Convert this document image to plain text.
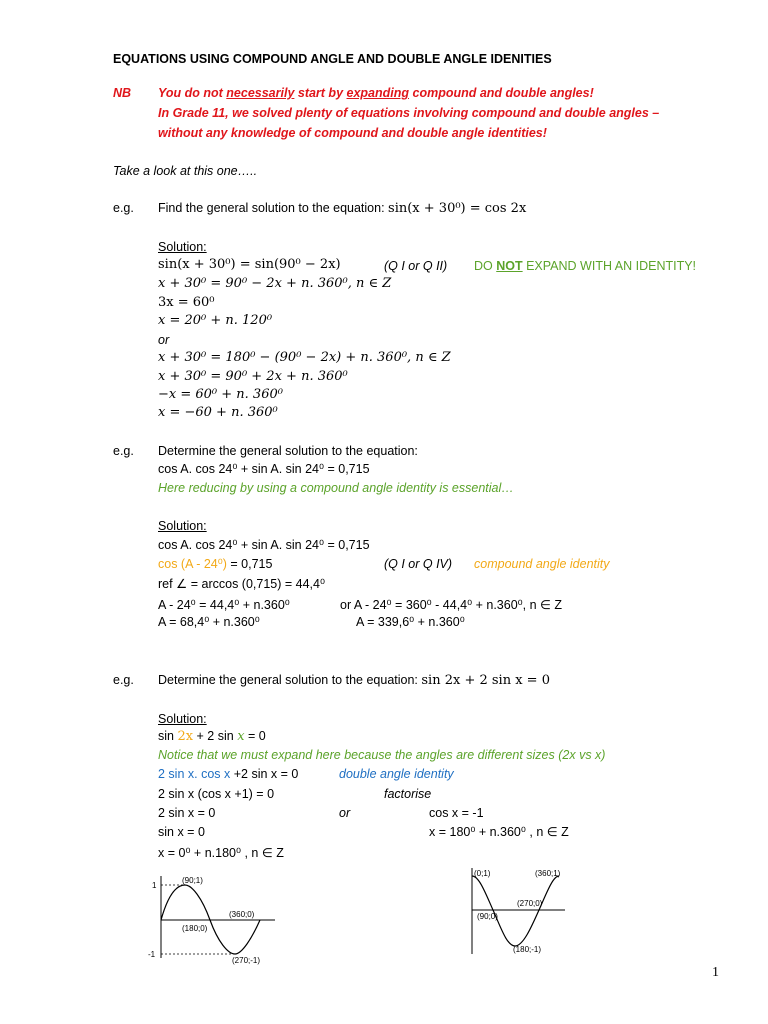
EQUATIONS USING COMPOUND ANGLE AND DOUBLE ANGLE IDENITIES
NB You do not necessarily start by expanding compound and double angles!
In Grade 11, we solved plenty of equations involving compound and double angles –
without any knowledge of compound and double angle identities!
Take a look at this one…..
e.g. Find the general solution to the equation: sin(x + 30⁰) = cos 2x
Solution:
sin(x + 30⁰) = sin(90⁰ − 2x)	(Q I or Q II) DO NOT EXPAND WITH AN IDENTITY!
x + 30⁰ = 90⁰ − 2x + n. 360⁰, n ∈ Z
3x = 60⁰
x = 20⁰ + n. 120⁰
or
x + 30⁰ = 180⁰ − (90⁰ − 2x) + n. 360⁰, n ∈ Z
x + 30⁰ = 90⁰ + 2x + n. 360⁰
−x = 60⁰ + n. 360⁰
x = −60 + n. 360⁰
e.g. Determine the general solution to the equation:
cos A. cos 24⁰ + sin A. sin 24⁰ = 0,715
Here reducing by using a compound angle identity is essential…
Solution:
cos A. cos 24⁰ + sin A. sin 24⁰ = 0,715
cos (A - 24⁰) = 0,715	(Q I or Q IV) compound angle identity
ref ∠ = arccos (0,715) = 44,4⁰
A - 24⁰ = 44,4⁰ + n.360⁰	or A - 24⁰ = 360⁰ - 44,4⁰ + n.360⁰, n ∈ Z
A = 68,4⁰ + n.360⁰	A = 339,6⁰ + n.360⁰
e.g. Determine the general solution to the equation: sin 2x + 2 sin x = 0
Solution:
sin 2x + 2 sin x = 0
Notice that we must expand here because the angles are different sizes (2x vs x)
2 sin x. cos x +2 sin x = 0	double angle identity
2 sin x (cos x +1) = 0	factorise
2 sin x = 0	or	cos x = -1
sin x = 0	x = 180⁰ + n.360⁰ , n ∈ Z
x = 0⁰ + n.180⁰ , n ∈ Z
1
-1
(90;1)
(180;0)
(360;0)
(270;-1)
(0;1)	(360;1)
(270;0)
(90;0)
(180;-1)
1
